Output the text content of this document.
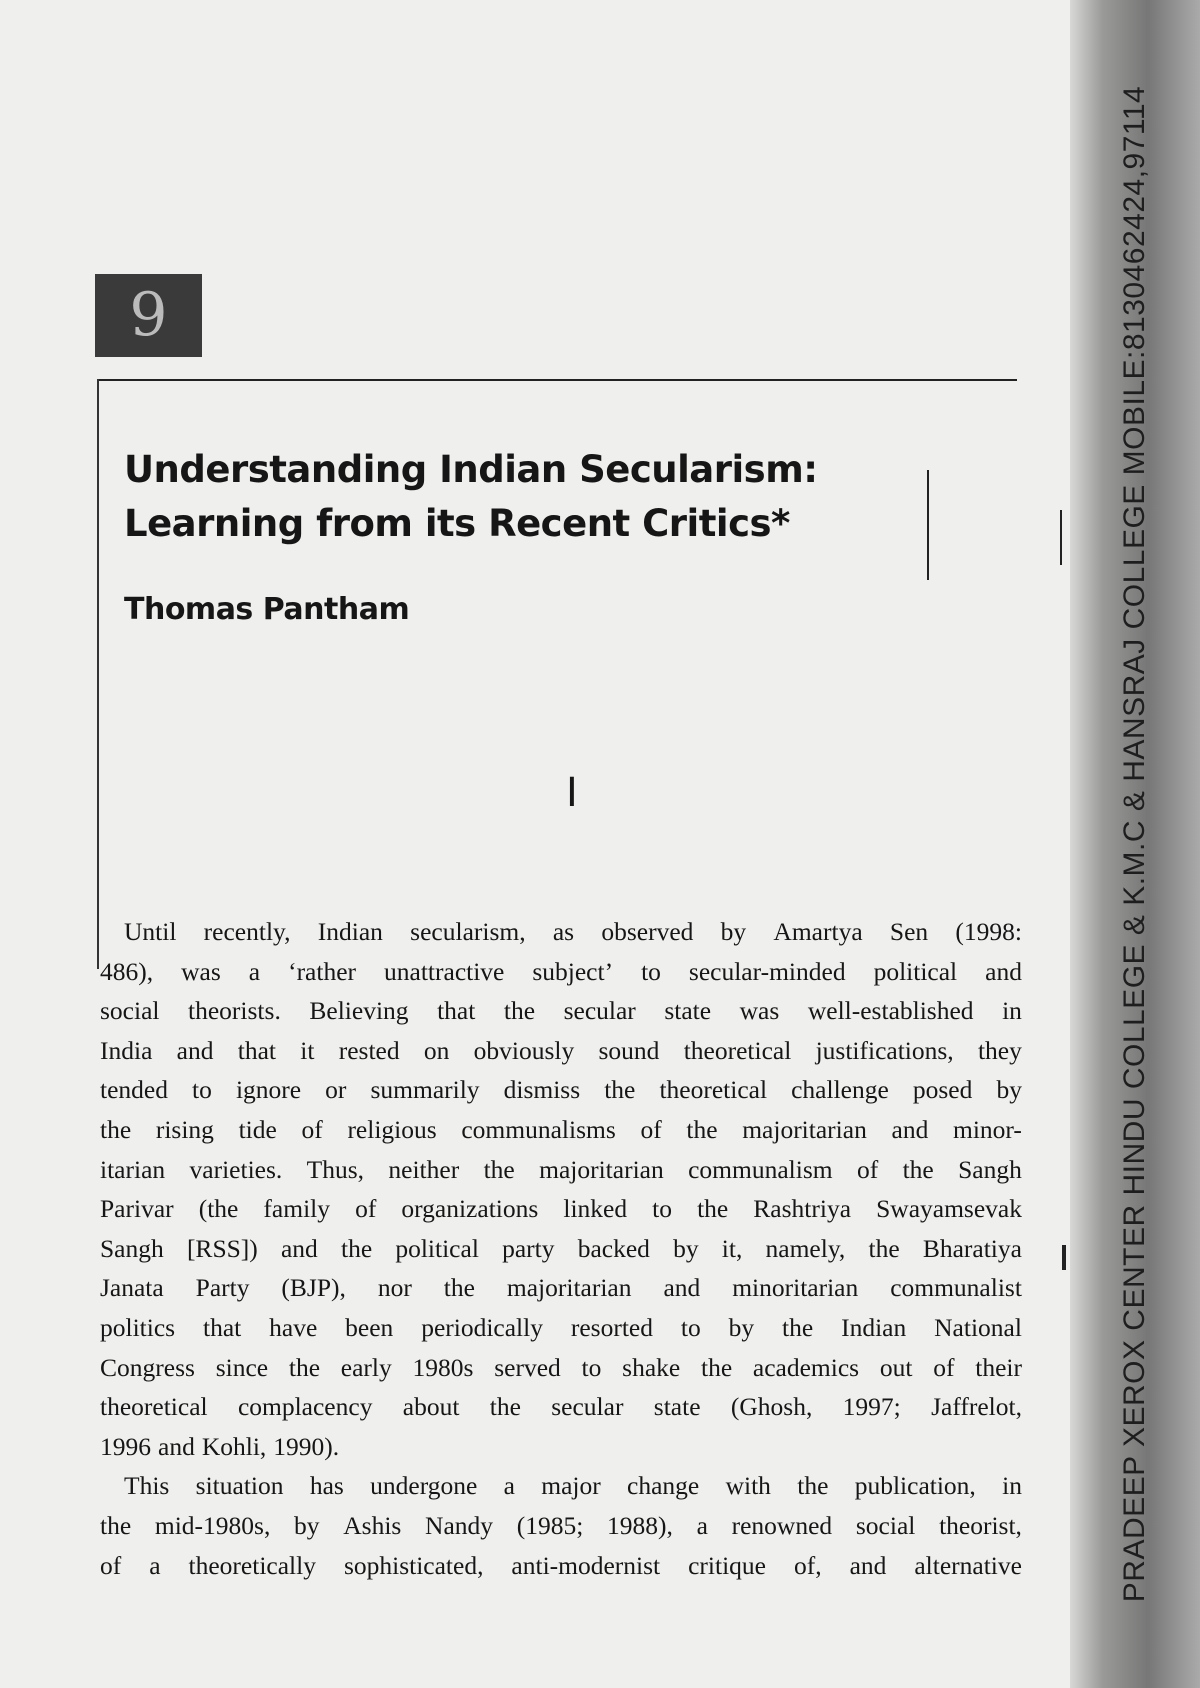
9
Understanding Indian Secularism:
Learning from its Recent Critics*
Thomas Pantham
I
Until recently, Indian secularism, as observed by Amartya Sen (1998:
486), was a ‘rather unattractive subject’ to secular-minded political and
social theorists. Believing that the secular state was well-established in
India and that it rested on obviously sound theoretical justifications, they
tended to ignore or summarily dismiss the theoretical challenge posed by
the rising tide of religious communalisms of the majoritarian and minor-
itarian varieties. Thus, neither the majoritarian communalism of the Sangh
Parivar (the family of organizations linked to the Rashtriya Swayamsevak
Sangh [RSS]) and the political party backed by it, namely, the Bharatiya
Janata Party (BJP), nor the majoritarian and minoritarian communalist
politics that have been periodically resorted to by the Indian National
Congress since the early 1980s served to shake the academics out of their
theoretical complacency about the secular state (Ghosh, 1997; Jaffrelot,
1996 and Kohli, 1990).
This situation has undergone a major change with the publication, in
the mid-1980s, by Ashis Nandy (1985; 1988), a renowned social theorist,
of a theoretically sophisticated, anti-modernist critique of, and alternative	PRADEEP XEROX CENTER HINDU COLLEGE & K.M.C & HANSRAJ COLLEGE MOBILE:8130462424,97114
